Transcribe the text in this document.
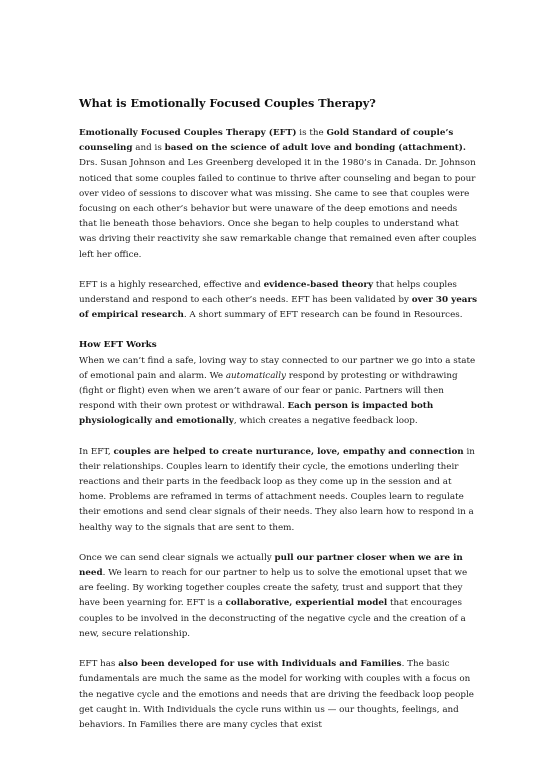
What is Emotionally Focused Couples Therapy?

Emotionally Focused Couples Therapy (EFT) is the Gold Standard of couple’s counseling and is based on the science of adult love and bonding (attachment). Drs. Susan Johnson and Les Greenberg developed it in the 1980’s in Canada. Dr. Johnson noticed that some couples failed to continue to thrive after counseling and began to pour over video of sessions to discover what was missing. She came to see that couples were focusing on each other’s behavior but were unaware of the deep emotions and needs that lie beneath those behaviors. Once she began to help couples to understand what was driving their reactivity she saw remarkable change that remained even after couples left her office.

EFT is a highly researched, effective and evidence-based theory that helps couples understand and respond to each other’s needs. EFT has been validated by over 30 years of empirical research. A short summary of EFT research can be found in Resources.

How EFT Works

When we can’t find a safe, loving way to stay connected to our partner we go into a state of emotional pain and alarm. We automatically respond by protesting or withdrawing (fight or flight) even when we aren’t aware of our fear or panic. Partners will then respond with their own protest or withdrawal. Each person is impacted both physiologically and emotionally, which creates a negative feedback loop.

In EFT, couples are helped to create nurturance, love, empathy and connection in their relationships. Couples learn to identify their cycle, the emotions underling their reactions and their parts in the feedback loop as they come up in the session and at home. Problems are reframed in terms of attachment needs. Couples learn to regulate their emotions and send clear signals of their needs. They also learn how to respond in a healthy way to the signals that are sent to them.

Once we can send clear signals we actually pull our partner closer when we are in need. We learn to reach for our partner to help us to solve the emotional upset that we are feeling. By working together couples create the safety, trust and support that they have been yearning for. EFT is a collaborative, experiential model that encourages couples to be involved in the deconstructing of the negative cycle and the creation of a new, secure relationship.

EFT has also been developed for use with Individuals and Families. The basic fundamentals are much the same as the model for working with couples with a focus on the negative cycle and the emotions and needs that are driving the feedback loop people get caught in. With Individuals the cycle runs within us — our thoughts, feelings, and behaviors. In Families there are many cycles that exist
